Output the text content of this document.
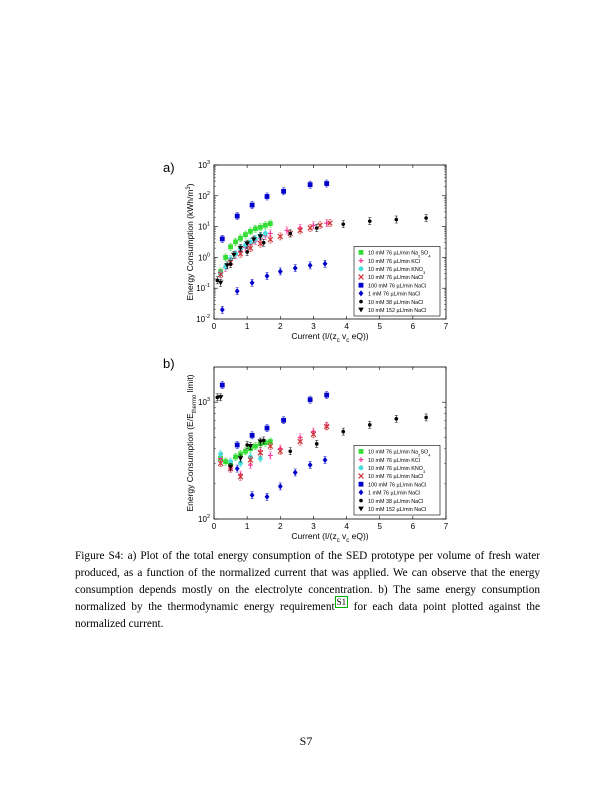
a)
b)
0	1	2	3	4	5	6	7
$10^{-2}$
$10^{-1}$
$10^0$
$10^1$
$10^2$
$10^3$
Current ($I/(z_c$ $v_c$ eQ))
Energy Consumption $(kWh/m^3)$
10 mM 76 µL/min $Na_2SO_4$
10 mM 76 µL/min KCl
10 mM 76 µL/min $KNO_3$
10 mM 76 µL/min NaCl
100 mM 76 µL/min NaCl
1 mM 76 µL/min NaCl
10 mM 38 µL/min NaCl
10 mM 152 µL/min NaCl
0	1	2	3	4	5	6	7
$10^2$
$10^3$
Current ($I/(z_c$ $v_c$ eQ))
Energy Consumption ($E/E_{thermo}$ limit)
10 mM 76 µL/min $Na_2SO_4$
10 mM 76 µL/min KCl
10 mM 76 µL/min $KNO_3$
10 mM 76 µL/min NaCl
100 mM 76 µL/min NaCl
1 mM 76 µL/min NaCl
10 mM 38 µL/min NaCl
10 mM 152 µL/min NaCl
Figure S4: a) Plot of the total energy consumption of the SED prototype per volume of fresh water produced, as a function of the normalized current that was applied. We can observe that the energy consumption depends mostly on the electrolyte concentration. b) The same energy consumption normalized by the thermodynamic energy requirement $^{S1}$ for each data point plotted against the normalized current.
S7
